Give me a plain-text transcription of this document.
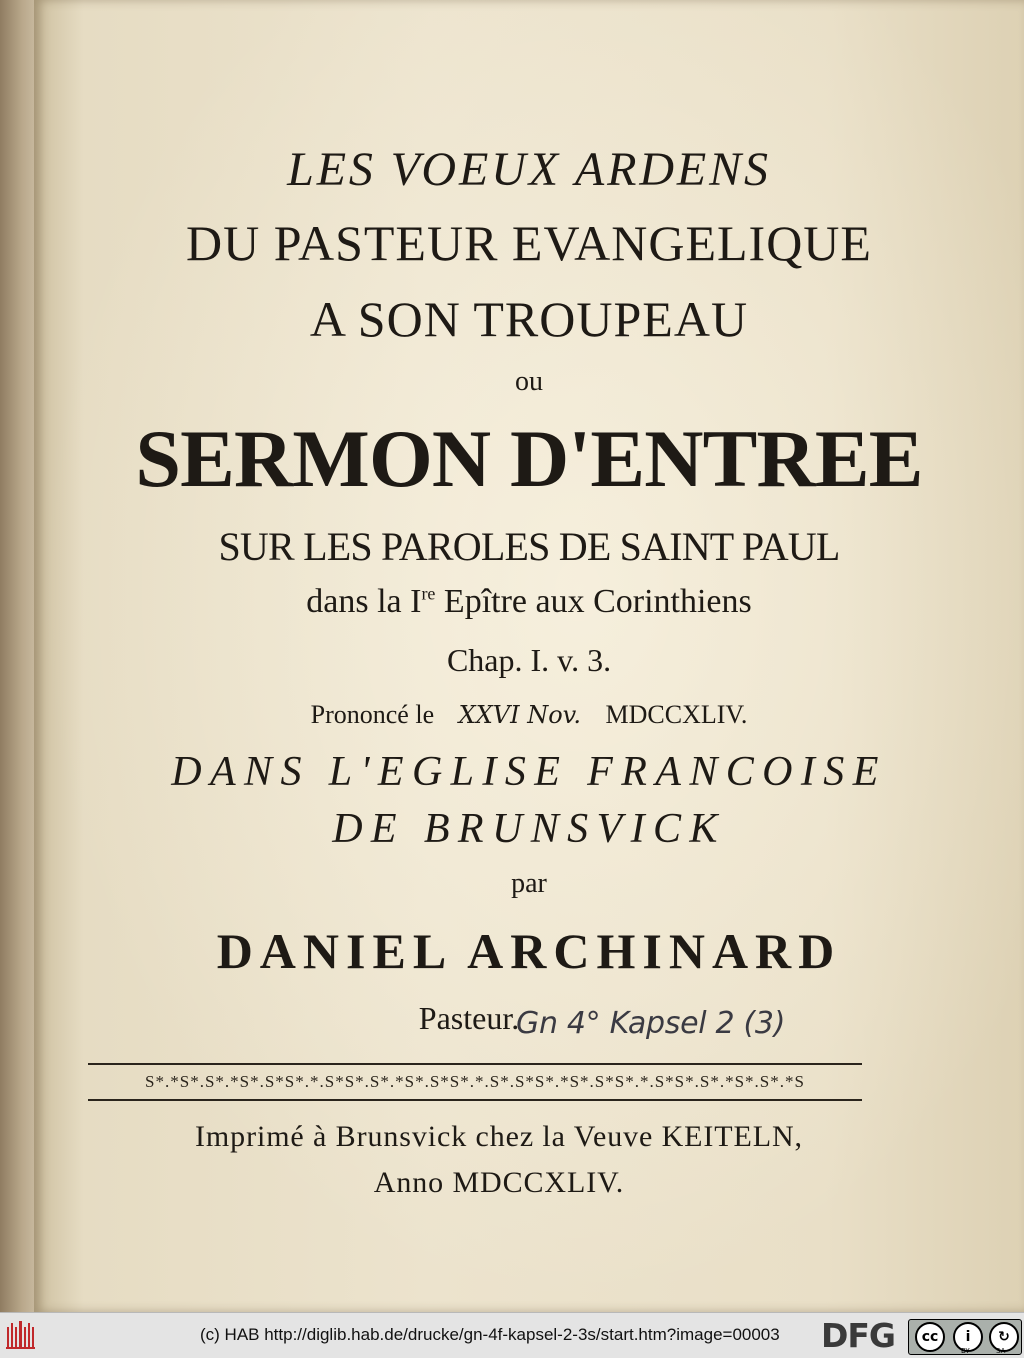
LES VOEUX ARDENS
DU PASTEUR EVANGELIQUE
A SON TROUPEAU
ou
SERMON D'ENTREE
SUR LES PAROLES DE SAINT PAUL
dans la Ire Epître aux Corinthiens
Chap. I. v. 3.
Prononcé le XXVI Nov. MDCCXLIV.
DANS L'EGLISE FRANCOISE
DE BRUNSVICK
par
DANIEL ARCHINARD
Pasteur.
Gn 4° Kapsel 2 (3)
S*.*S*.S*.*S*.S*S*.*.S*S*.S*.*S*.S*S*.*.S*.S*S*.*S*.S*S*.*.S*S*.S*.*S*.S*.*S
Imprimé à Brunsvick chez la Veuve KEITELN,
Anno MDCCXLIV.
(c) HAB http://diglib.hab.de/drucke/gn-4f-kapsel-2-3s/start.htm?image=00003 DFG	cc	i	↻
BY	SA
